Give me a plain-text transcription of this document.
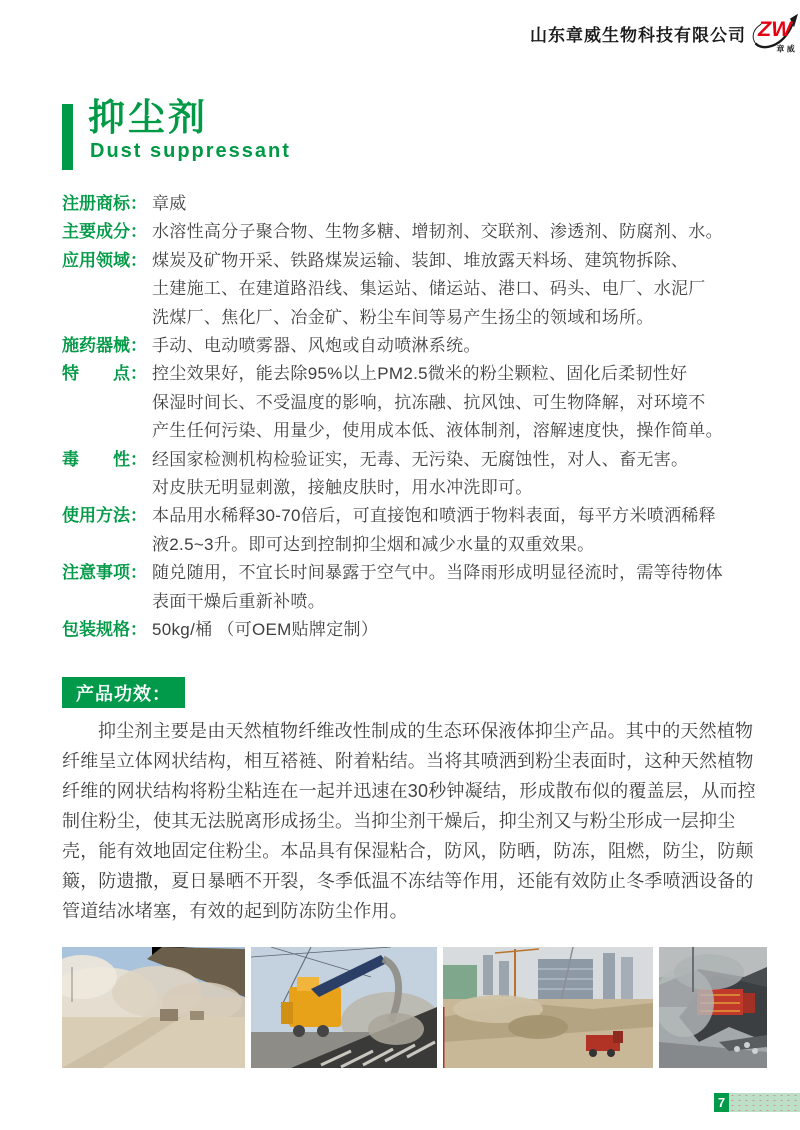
山东章威生物科技有限公司 ZW
章威
抑尘剂
Dust suppressant
注册商标： 章威
主要成分： 水溶性高分子聚合物、生物多糖、增韧剂、交联剂、渗透剂、防腐剂、水。
应用领域： 煤炭及矿物开采、铁路煤炭运输、装卸、堆放露天料场、建筑物拆除、
土建施工、在建道路沿线、集运站、储运站、港口、码头、电厂、水泥厂
洗煤厂、焦化厂、冶金矿、粉尘车间等易产生扬尘的领域和场所。
施药器械： 手动、电动喷雾器、风炮或自动喷淋系统。
特　　点： 控尘效果好，能去除95%以上PM2.5微米的粉尘颗粒、固化后柔韧性好
保湿时间长、不受温度的影响，抗冻融、抗风蚀、可生物降解，对环境不
产生任何污染、用量少，使用成本低、液体制剂，溶解速度快，操作简单。
毒　　性： 经国家检测机构检验证实，无毒、无污染、无腐蚀性，对人、畜无害。
对皮肤无明显刺激，接触皮肤时，用水冲洗即可。
使用方法： 本品用水稀释30-70倍后，可直接饱和喷洒于物料表面，每平方米喷洒稀释
液2.5~3升。即可达到控制抑尘烟和减少水量的双重效果。
注意事项： 随兑随用，不宜长时间暴露于空气中。当降雨形成明显径流时，需等待物体
表面干燥后重新补喷。
包装规格： 50kg/桶 （可OEM贴牌定制）
产品功效：
抑尘剂主要是由天然植物纤维改性制成的生态环保液体抑尘产品。其中的天然植物
纤维呈立体网状结构，相互褡裢、附着粘结。当将其喷洒到粉尘表面时，这种天然植物
纤维的网状结构将粉尘粘连在一起并迅速在30秒钟凝结，形成散布似的覆盖层，从而控
制住粉尘，使其无法脱离形成扬尘。当抑尘剂干燥后，抑尘剂又与粉尘形成一层抑尘
壳，能有效地固定住粉尘。本品具有保湿粘合，防风，防晒，防冻，阻燃，防尘，防颠
簸，防遗撒，夏日暴晒不开裂，冬季低温不冻结等作用，还能有效防止冬季喷洒设备的
管道结冰堵塞，有效的起到防冻防尘作用。
7
